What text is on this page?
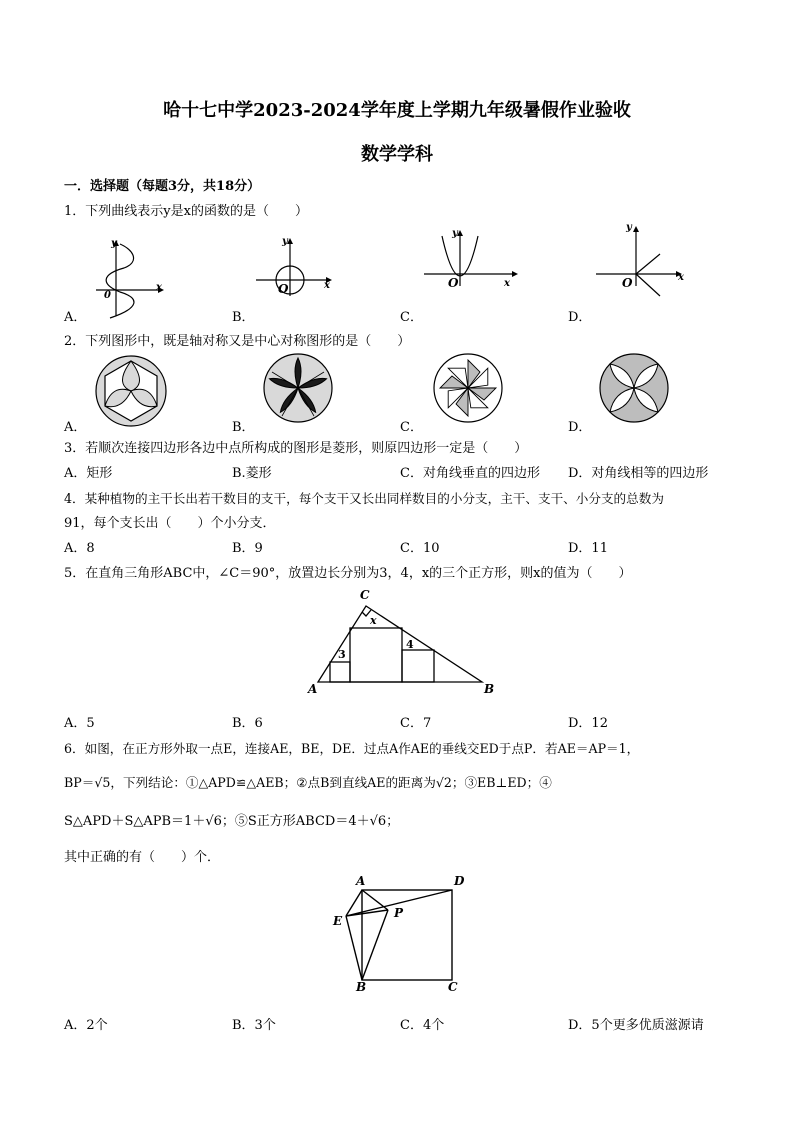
哈十七中学2023-2024学年度上学期九年级暑假作业验收
数学学科
一．选择题（每题3分，共18分）
1．下列曲线表示y是x的函数的是（　　）
y
x
0
A．
y
x
O
B．
y
x
O
C．
y
x
O
D．
2．下列图形中，既是轴对称又是中心对称图形的是（　　）
A．	B．	C．	D．
3．若顺次连接四边形各边中点所构成的图形是菱形，则原四边形一定是（　　）
A．矩形	B.菱形	C．对角线垂直的四边形 D．对角线相等的四边形
4．某种植物的主干长出若干数目的支干，每个支干又长出同样数目的小分支，主干、支干、小分支的总数为
91，每个支长出（　　）个小分支．
A．8	B．9	C．10	D．11
5．在直角三角形ABC中，∠C＝90°，放置边长分别为3，4，x的三个正方形，则x的值为（　　）
C
A	B
x
3
4
A．5	B．6	C．7	D．12
6．如图，在正方形外取一点E，连接AE，BE，DE．过点A作AE的垂线交ED于点P．若AE＝AP＝1，
BP＝√5，下列结论：①△APD≌△AEB；②点B到直线AE的距离为√2；③EB⊥ED；④
S△APD＋S△APB＝1＋√6；⑤S正方形ABCD＝4＋√6；
其中正确的有（　　）个．
A	D
E
P
B	C
A．2个	B．3个	C．4个	D．5个更多优质滋源请
